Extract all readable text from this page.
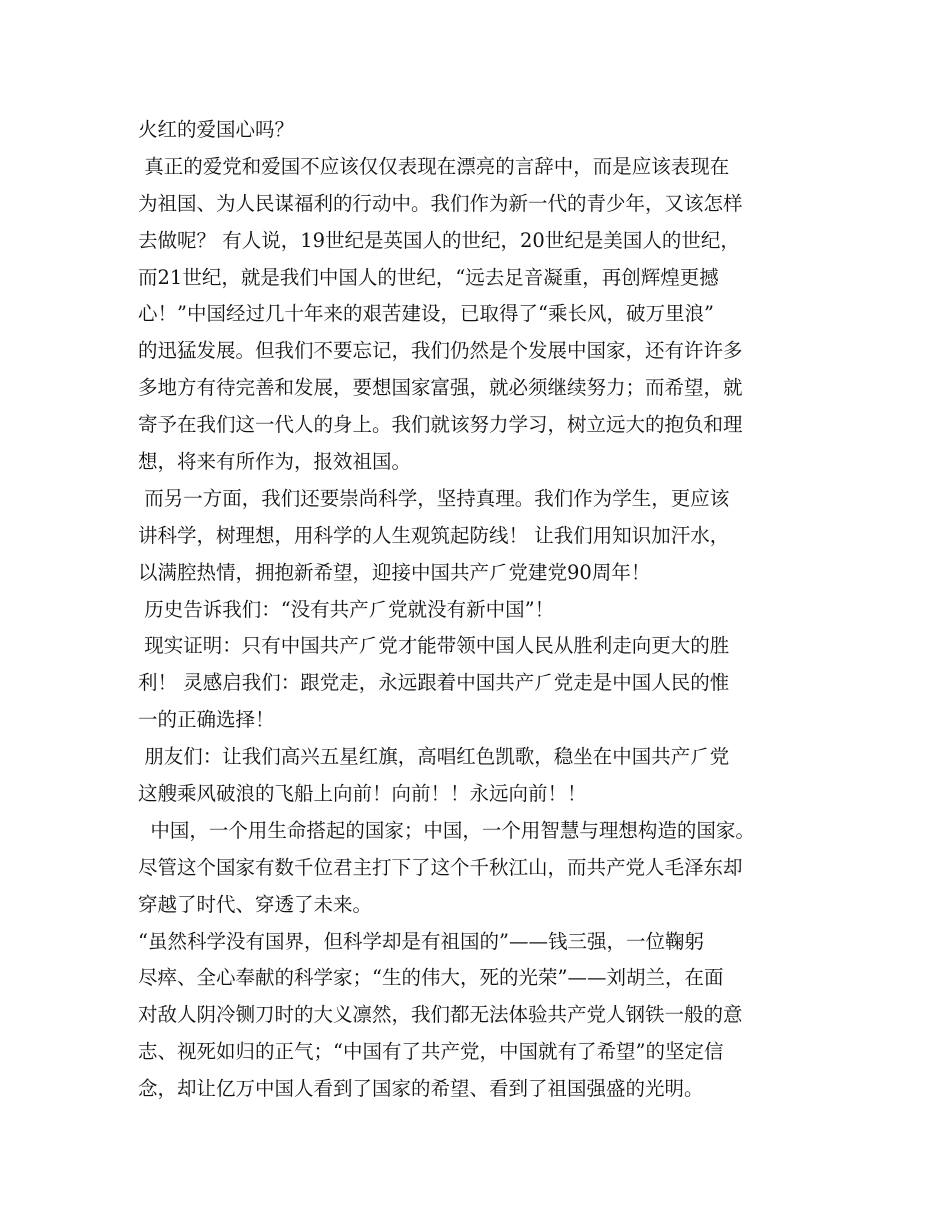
火红的爱国心吗？
真正的爱党和爱国不应该仅仅表现在漂亮的言辞中，而是应该表现在
为祖国、为人民谋福利的行动中。我们作为新一代的青少年，又该怎样
去做呢？ 有人说，19世纪是英国人的世纪，20世纪是美国人的世纪，
而21世纪，就是我们中国人的世纪，“远去足音凝重，再创辉煌更撼
心！”中国经过几十年来的艰苦建设，已取得了“乘长风，破万里浪”
的迅猛发展。但我们不要忘记，我们仍然是个发展中国家，还有许许多
多地方有待完善和发展，要想国家富强，就必须继续努力；而希望，就
寄予在我们这一代人的身上。我们就该努力学习，树立远大的抱负和理
想，将来有所作为，报效祖国。
而另一方面，我们还要崇尚科学，坚持真理。我们作为学生，更应该
讲科学，树理想，用科学的人生观筑起防线！ 让我们用知识加汗水，
以满腔热情，拥抱新希望，迎接中国共产⺁党建党90周年！
历史告诉我们：“没有共产⺁党就没有新中国”！
现实证明：只有中国共产⺁党才能带领中国人民从胜利走向更大的胜
利！ 灵感启我们：跟党走，永远跟着中国共产⺁党走是中国人民的惟
一的正确选择！
朋友们：让我们高兴五星红旗，高唱红色凯歌，稳坐在中国共产⺁党
这艘乘风破浪的飞船上向前！向前！！永远向前！！
中国，一个用生命搭起的国家；中国，一个用智慧与理想构造的国家。
尽管这个国家有数千位君主打下了这个千秋江山，而共产党人毛泽东却
穿越了时代、穿透了未来。
“虽然科学没有国界，但科学却是有祖国的”——钱三强，一位鞠躬
尽瘁、全心奉献的科学家；“生的伟大，死的光荣”——刘胡兰，在面
对敌人阴冷铡刀时的大义凛然，我们都无法体验共产党人钢铁一般的意
志、视死如归的正气；“中国有了共产党，中国就有了希望”的坚定信
念，却让亿万中国人看到了国家的希望、看到了祖国强盛的光明。
